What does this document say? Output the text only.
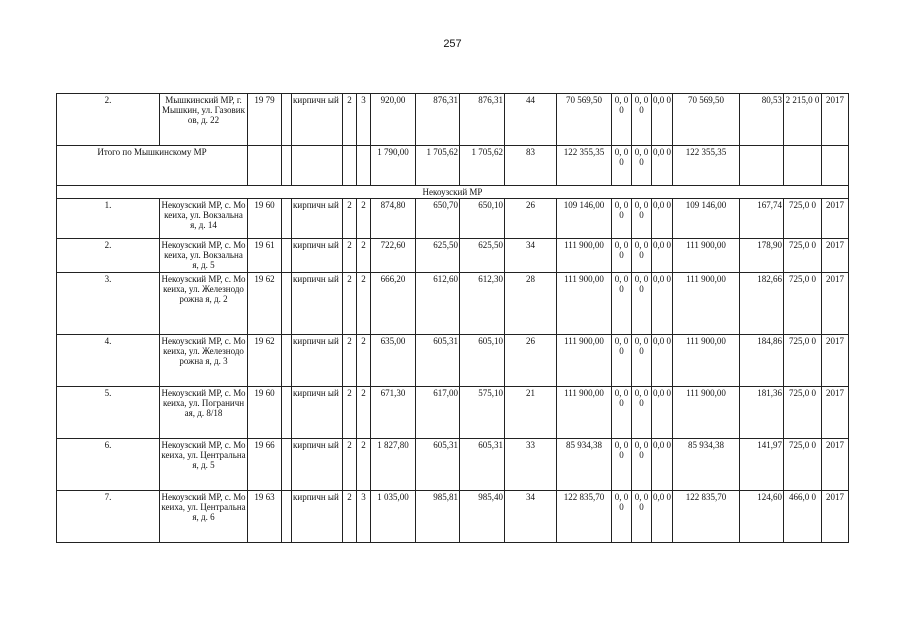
257
2.	Мышкинский МР, г. Мышкин, ул. Газовиков, д. 22	19 79		кирпичн ый	2	3	920,00	876,31	876,31	44	70 569,50	0, 0 0	0, 0 0	0,0 0	70 569,50	80,53	2 215,0 0	2017
Итого по Мышкинскому МР							1 790,00	1 705,62	1 705,62	83	122 355,35	0, 0 0	0, 0 0	0,0 0	122 355,35			
Некоузский МР																		
1.	Некоузский МР, с. Мокеиха, ул. Вокзальная, д. 14	19 60		кирпичн ый	2	2	874,80	650,70	650,10	26	109 146,00	0, 0 0	0, 0 0	0,0 0	109 146,00	167,74	725,0 0	2017
2.	Некоузский МР, с. Мокеиха, ул. Вокзальная, д. 5	19 61		кирпичн ый	2	2	722,60	625,50	625,50	34	111 900,00	0, 0 0	0, 0 0	0,0 0	111 900,00	178,90	725,0 0	2017
3.	Некоузский МР, с. Мокеиха, ул. Железнодорожна я, д. 2	19 62		кирпичн ый	2	2	666,20	612,60	612,30	28	111 900,00	0, 0 0	0, 0 0	0,0 0	111 900,00	182,66	725,0 0	2017
4.	Некоузский МР, с. Мокеиха, ул. Железнодорожна я, д. 3	19 62		кирпичн ый	2	2	635,00	605,31	605,10	26	111 900,00	0, 0 0	0, 0 0	0,0 0	111 900,00	184,86	725,0 0	2017
5.	Некоузский МР, с. Мокеиха, ул. Пограничная, д. 8/18	19 60		кирпичн ый	2	2	671,30	617,00	575,10	21	111 900,00	0, 0 0	0, 0 0	0,0 0	111 900,00	181,36	725,0 0	2017
6.	Некоузский МР, с. Мокеиха, ул. Центральная, д. 5	19 66		кирпичн ый	2	2	1 827,80	605,31	605,31	33	85 934,38	0, 0 0	0, 0 0	0,0 0	85 934,38	141,97	725,0 0	2017
7.	Некоузский МР, с. Мокеиха, ул. Центральная, д. 6	19 63		кирпичн ый	2	3	1 035,00	985,81	985,40	34	122 835,70	0, 0 0	0, 0 0	0,0 0	122 835,70	124,60	466,0 0	2017
